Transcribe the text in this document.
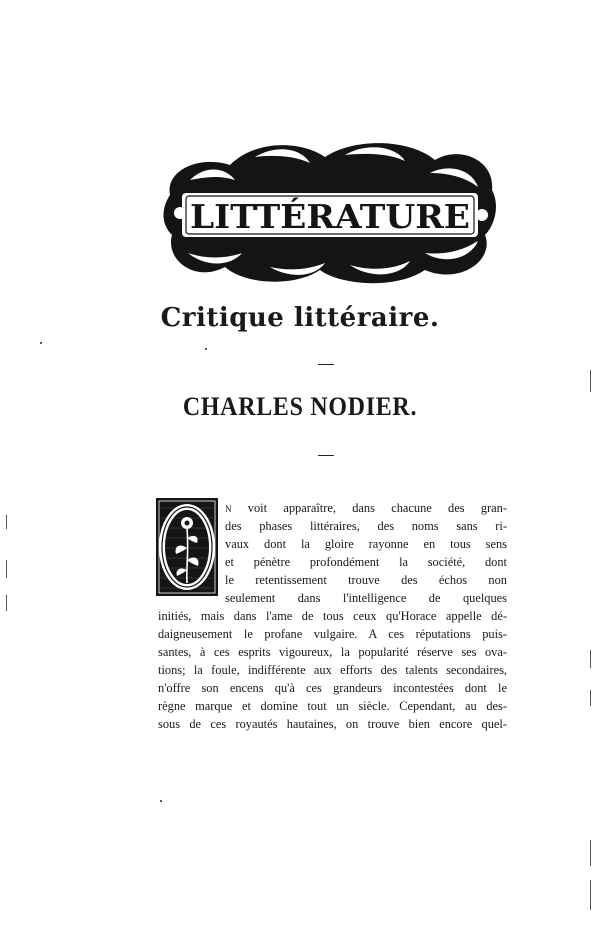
LITTÉRATURE
Critique littéraire.
CHARLES NODIER.
n voit apparaître, dans chacune des gran-
des phases littéraires, des noms sans ri-
vaux dont la gloire rayonne en tous sens
et pénètre profondément la société, dont
le retentissement trouve des échos non
seulement dans l'intelligence de quelques
initiés, mais dans l'ame de tous ceux qu'Horace appelle dé-
daigneusement le profane vulgaire. A ces réputations puis-
santes, à ces esprits vigoureux, la popularité réserve ses ova-
tions; la foule, indifférente aux efforts des talents secondaires,
n'offre son encens qu'à ces grandeurs incontestées dont le
règne marque et domine tout un siècle. Cependant, au des-
sous de ces royautés hautaines, on trouve bien encore quel-
